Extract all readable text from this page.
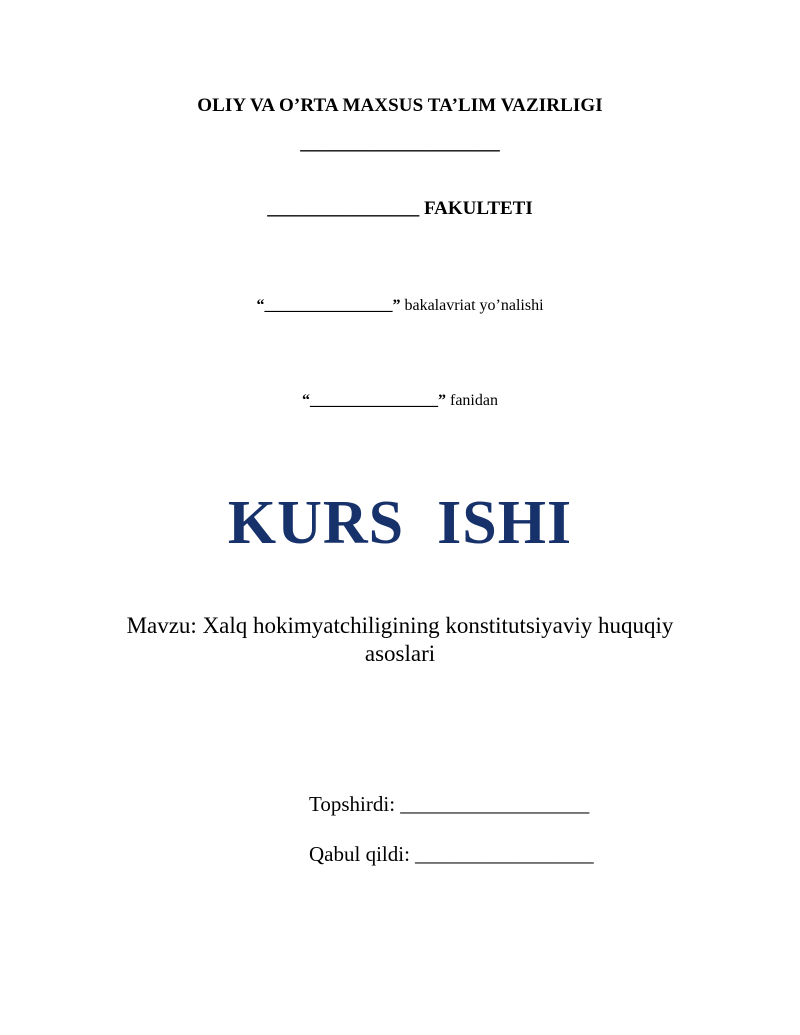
OLIY VA O’RTA MAXSUS TA’LIM VAZIRLIGI
_____________________
________________ FAKULTETI
“________________” bakalavriat yo’nalishi
“________________” fanidan
KURS  ISHI
Mavzu: Xalq hokimyatchiligining konstitutsiyaviy huquqiy asoslari
Topshirdi: __________________
Qabul qildi: _________________
